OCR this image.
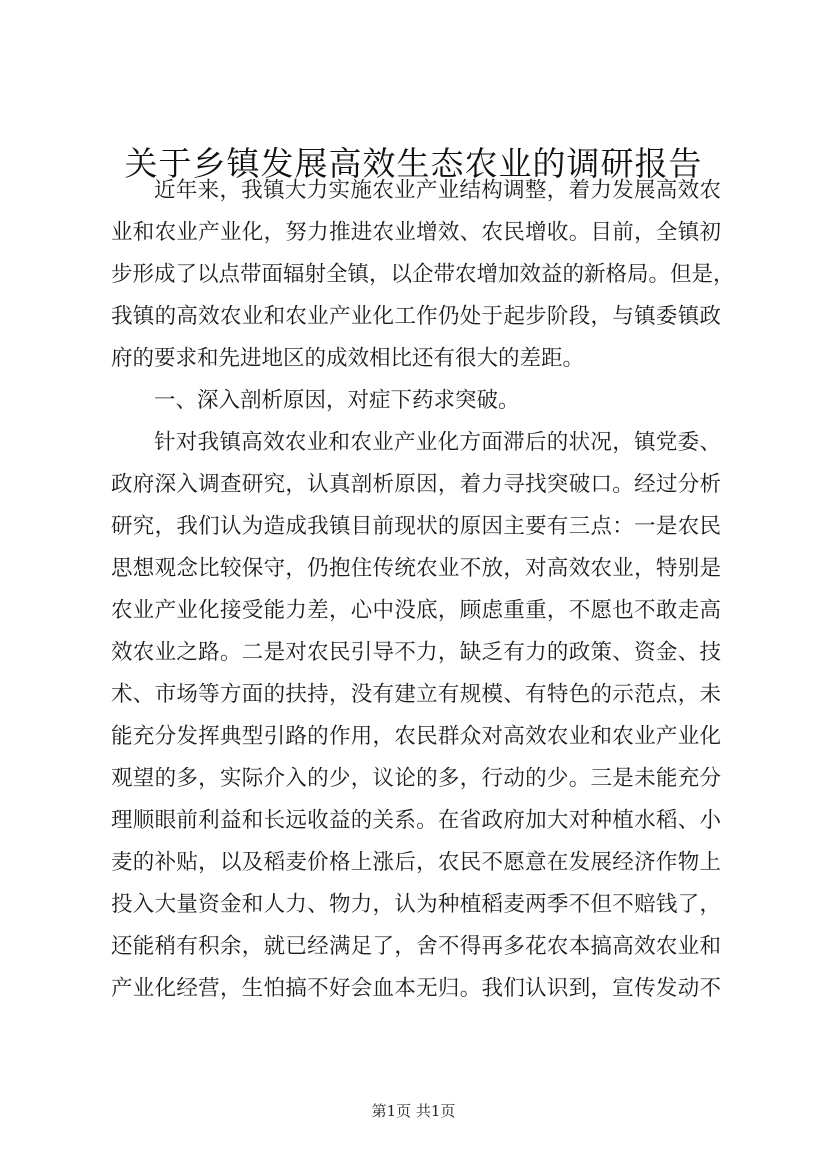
关于乡镇发展高效生态农业的调研报告
近年来，我镇大力实施农业产业结构调整，着力发展高效农
业和农业产业化，努力推进农业增效、农民增收。目前，全镇初
步形成了以点带面辐射全镇，以企带农增加效益的新格局。但是，
我镇的高效农业和农业产业化工作仍处于起步阶段，与镇委镇政
府的要求和先进地区的成效相比还有很大的差距。
一、深入剖析原因，对症下药求突破。
针对我镇高效农业和农业产业化方面滞后的状况，镇党委、
政府深入调查研究，认真剖析原因，着力寻找突破口。经过分析
研究，我们认为造成我镇目前现状的原因主要有三点：一是农民
思想观念比较保守，仍抱住传统农业不放，对高效农业，特别是
农业产业化接受能力差，心中没底，顾虑重重，不愿也不敢走高
效农业之路。二是对农民引导不力，缺乏有力的政策、资金、技
术、市场等方面的扶持，没有建立有规模、有特色的示范点，未
能充分发挥典型引路的作用，农民群众对高效农业和农业产业化
观望的多，实际介入的少，议论的多，行动的少。三是未能充分
理顺眼前利益和长远收益的关系。在省政府加大对种植水稻、小
麦的补贴，以及稻麦价格上涨后，农民不愿意在发展经济作物上
投入大量资金和人力、物力，认为种植稻麦两季不但不赔钱了，
还能稍有积余，就已经满足了，舍不得再多花农本搞高效农业和
产业化经营，生怕搞不好会血本无归。我们认识到，宣传发动不
第1页 共1页
